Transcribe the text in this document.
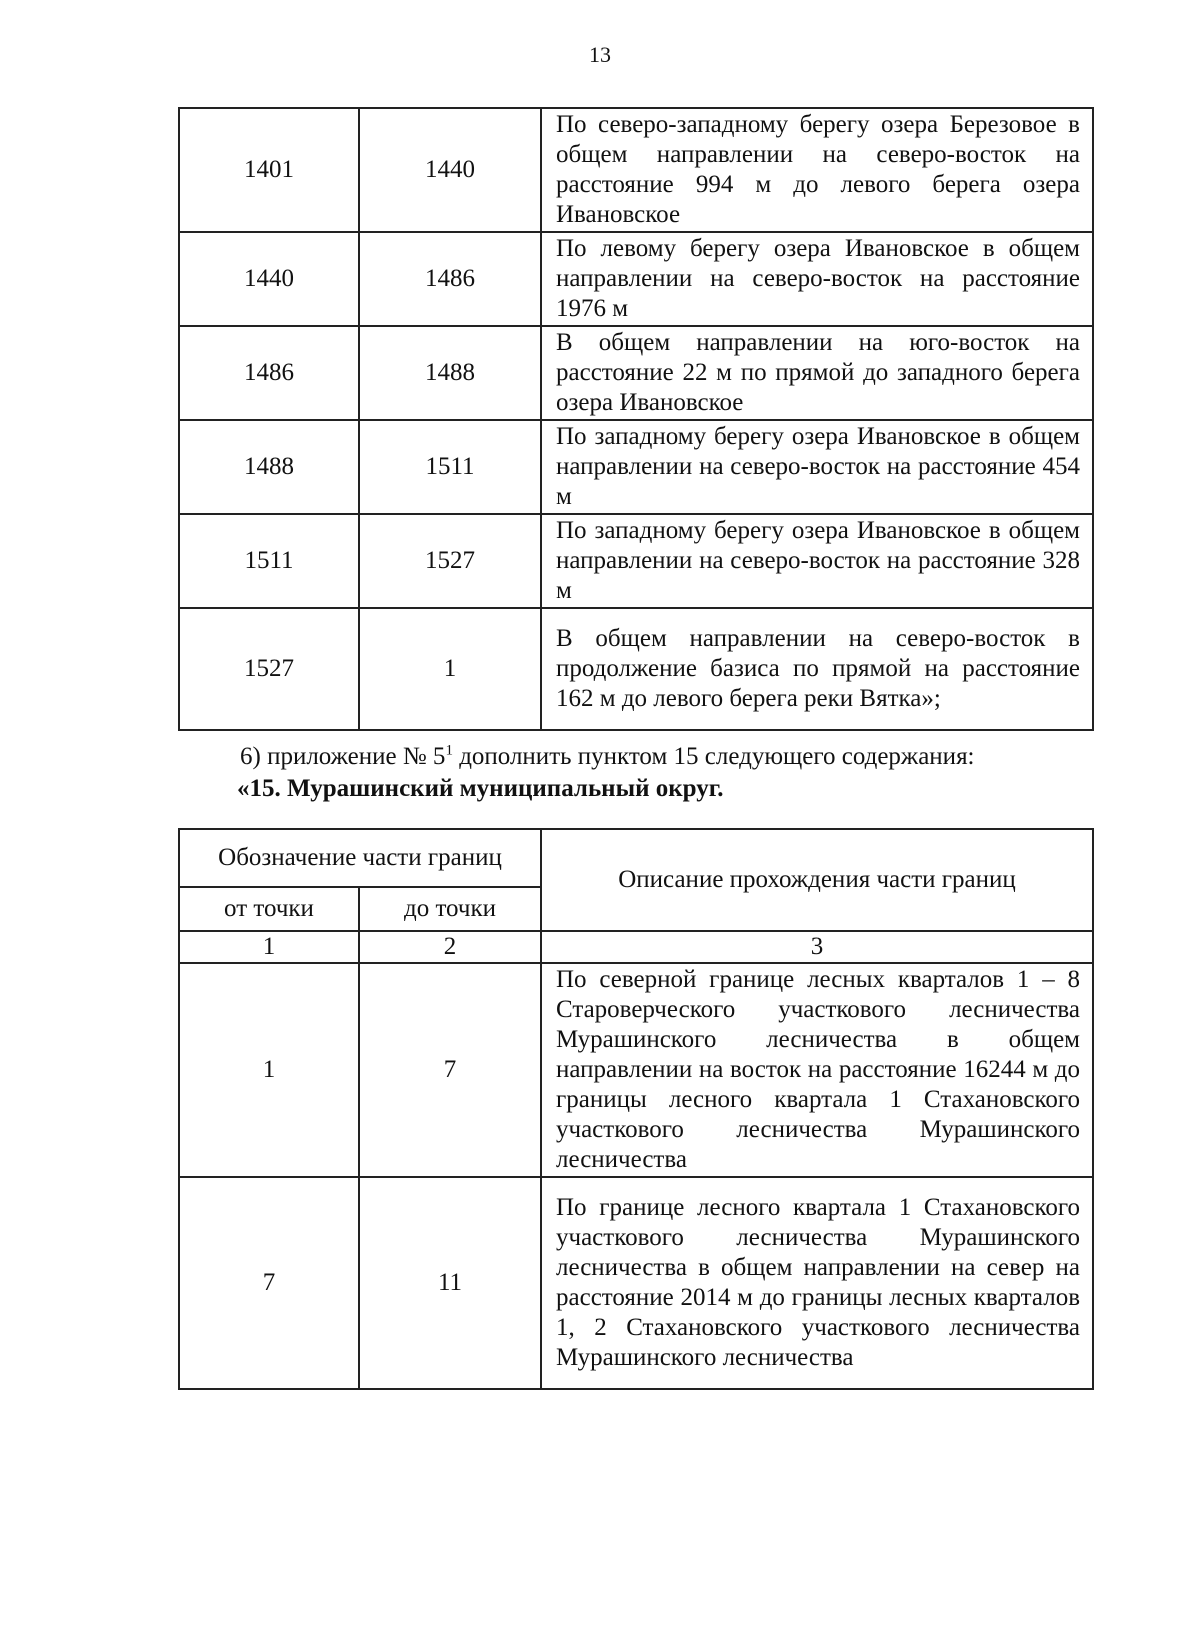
13
1401	1440	По северо-западному берегу озера Березовое в общем направлении на северо-восток на расстояние 994 м до левого берега озера Ивановское
1440	1486	По левому берегу озера Ивановское в общем направлении на северо-восток на расстояние 1976 м
1486	1488	В общем направлении на юго-восток на расстояние 22 м по прямой до западного берега озера Ивановское
1488	1511	По западному берегу озера Ивановское в общем направлении на северо-восток на расстояние 454 м
1511	1527	По западному берегу озера Ивановское в общем направлении на северо-восток на расстояние 328 м
1527	1	В общем направлении на северо-восток в продолжение базиса по прямой на расстояние 162 м до левого берега реки Вятка»;
6) приложение № $5^1$ дополнить пунктом 15 следующего содержания:
«15. Мурашинский муниципальный округ.
Обозначение части границ		Описание прохождения части границ
от точки	до точки	
1	2	3
1	7	По северной границе лесных кварталов 1 – 8 Староверческого участкового лесничества Мурашинского лесничества в общем направлении на восток на расстояние 16244 м до границы лесного квартала 1 Стахановского участкового лесничества Мурашинского лесничества
7	11	По границе лесного квартала 1 Стахановского участкового лесничества Мурашинского лесничества в общем направлении на север на расстояние 2014 м до границы лесных кварталов 1, 2 Стахановского участкового лесничества Мурашинского лесничества
